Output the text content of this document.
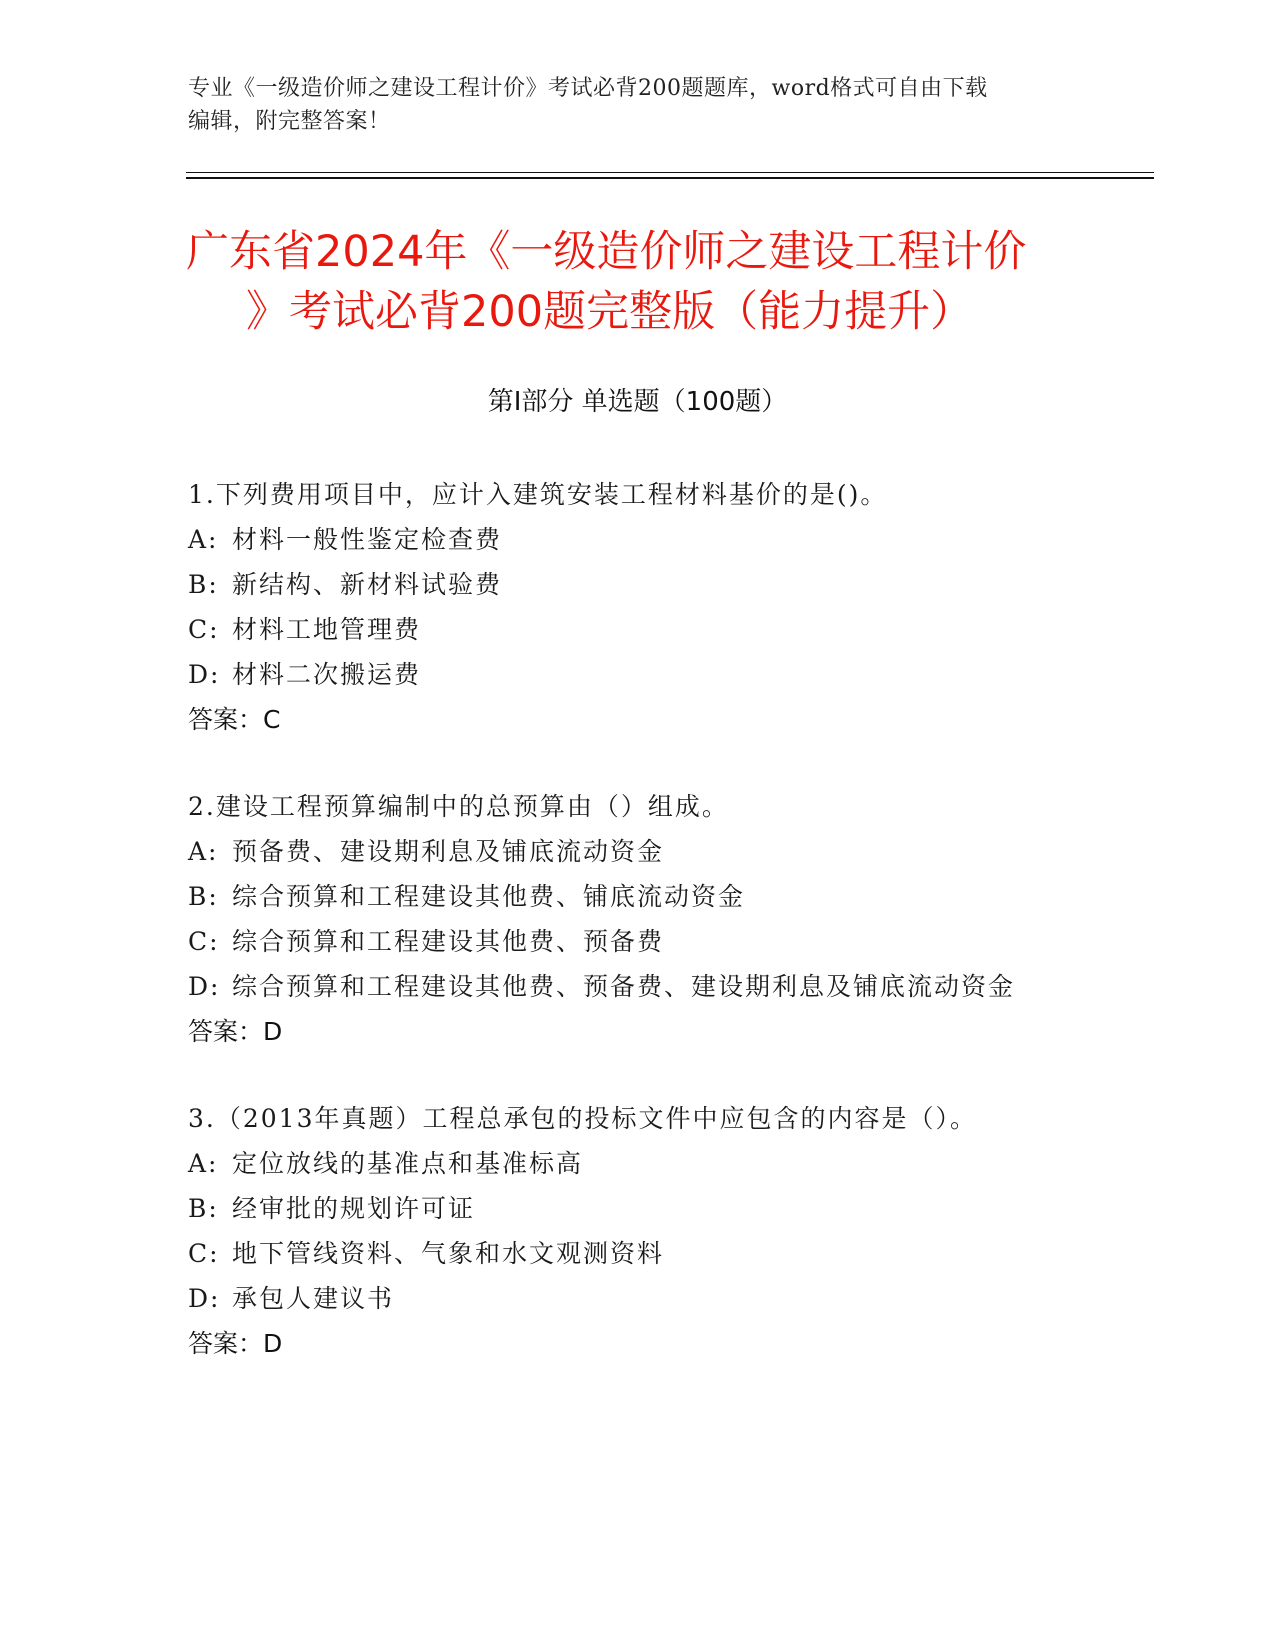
专业《一级造价师之建设工程计价》考试必背200题题库，word格式可自由下载
编辑，附完整答案！
广东省2024年《一级造价师之建设工程计价
》考试必背200题完整版（能力提升）
第Ⅰ部分 单选题（100题）
1.下列费用项目中，应计入建筑安装工程材料基价的是()。
A: 材料一般性鉴定检查费
B: 新结构、新材料试验费
C: 材料工地管理费
D: 材料二次搬运费
答案：C
2.建设工程预算编制中的总预算由（）组成。
A: 预备费、建设期利息及铺底流动资金
B: 综合预算和工程建设其他费、铺底流动资金
C: 综合预算和工程建设其他费、预备费
D: 综合预算和工程建设其他费、预备费、建设期利息及铺底流动资金
答案：D
3.（2013年真题）工程总承包的投标文件中应包含的内容是（）。
A: 定位放线的基准点和基准标高
B: 经审批的规划许可证
C: 地下管线资料、气象和水文观测资料
D: 承包人建议书
答案：D
